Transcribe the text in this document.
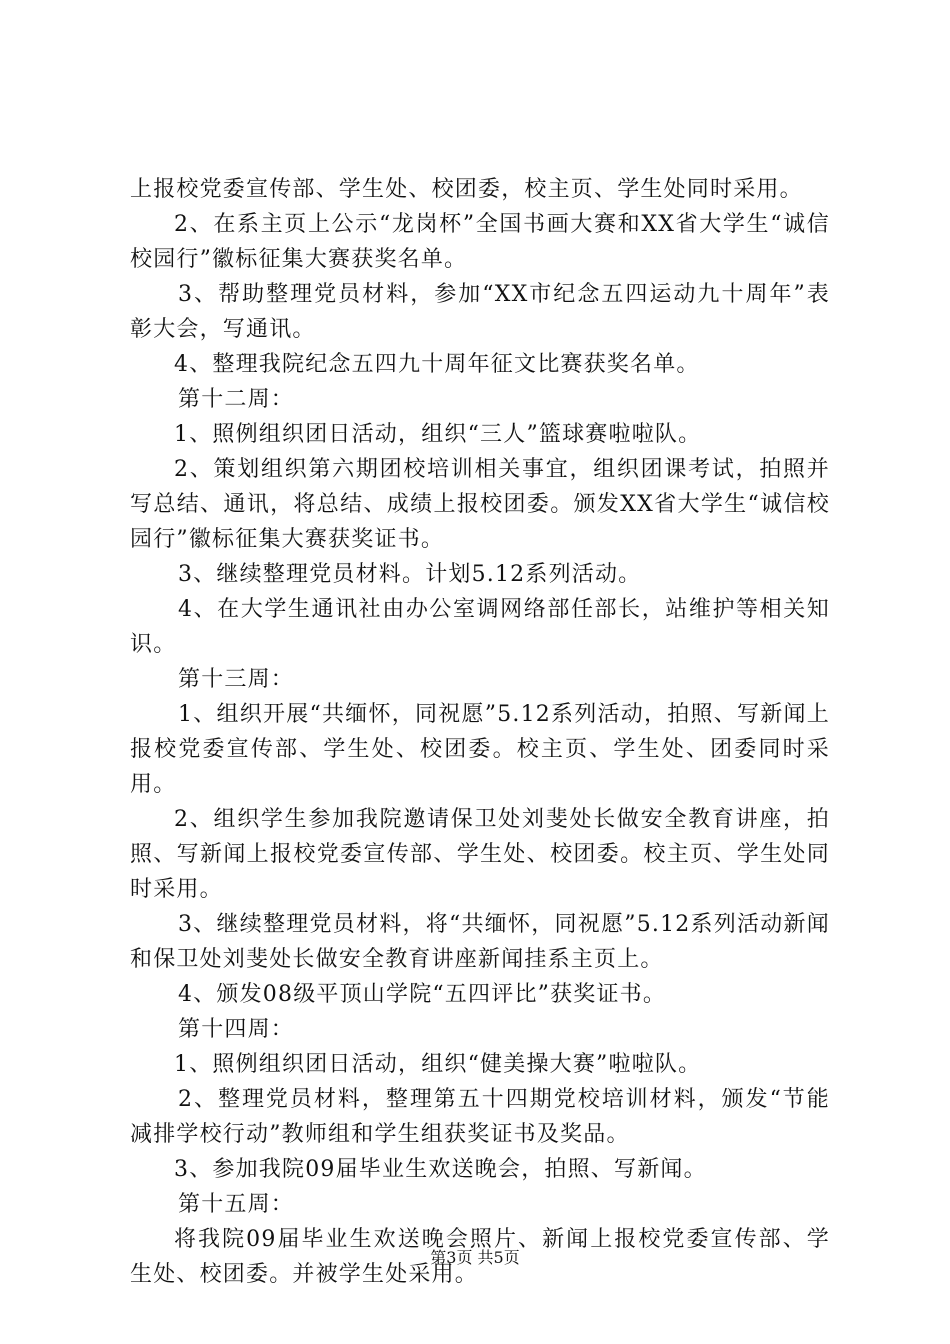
上报校党委宣传部、学生处、校团委，校主页、学生处同时采用。

2、在系主页上公示“龙岗杯”全国书画大赛和XX省大学生“诚信校园行”徽标征集大赛获奖名单。

3、帮助整理党员材料，参加“XX市纪念五四运动九十周年”表彰大会，写通讯。

4、整理我院纪念五四九十周年征文比赛获奖名单。

第十二周：

1、照例组织团日活动，组织“三人”篮球赛啦啦队。

2、策划组织第六期团校培训相关事宜，组织团课考试，拍照并写总结、通讯，将总结、成绩上报校团委。颁发XX省大学生“诚信校园行”徽标征集大赛获奖证书。

3、继续整理党员材料。计划5.12系列活动。

4、在大学生通讯社由办公室调网络部任部长，站维护等相关知识。

第十三周：

1、组织开展“共缅怀，同祝愿”5.12系列活动，拍照、写新闻上报校党委宣传部、学生处、校团委。校主页、学生处、团委同时采用。

2、组织学生参加我院邀请保卫处刘斐处长做安全教育讲座，拍照、写新闻上报校党委宣传部、学生处、校团委。校主页、学生处同时采用。

3、继续整理党员材料，将“共缅怀，同祝愿”5.12系列活动新闻和保卫处刘斐处长做安全教育讲座新闻挂系主页上。

4、颁发08级平顶山学院“五四评比”获奖证书。

第十四周：

1、照例组织团日活动，组织“健美操大赛”啦啦队。

2、整理党员材料，整理第五十四期党校培训材料，颁发“节能减排学校行动”教师组和学生组获奖证书及奖品。

3、参加我院09届毕业生欢送晚会，拍照、写新闻。

第十五周：

将我院09届毕业生欢送晚会照片、新闻上报校党委宣传部、学生处、校团委。并被学生处采用。

第3页 共5页
